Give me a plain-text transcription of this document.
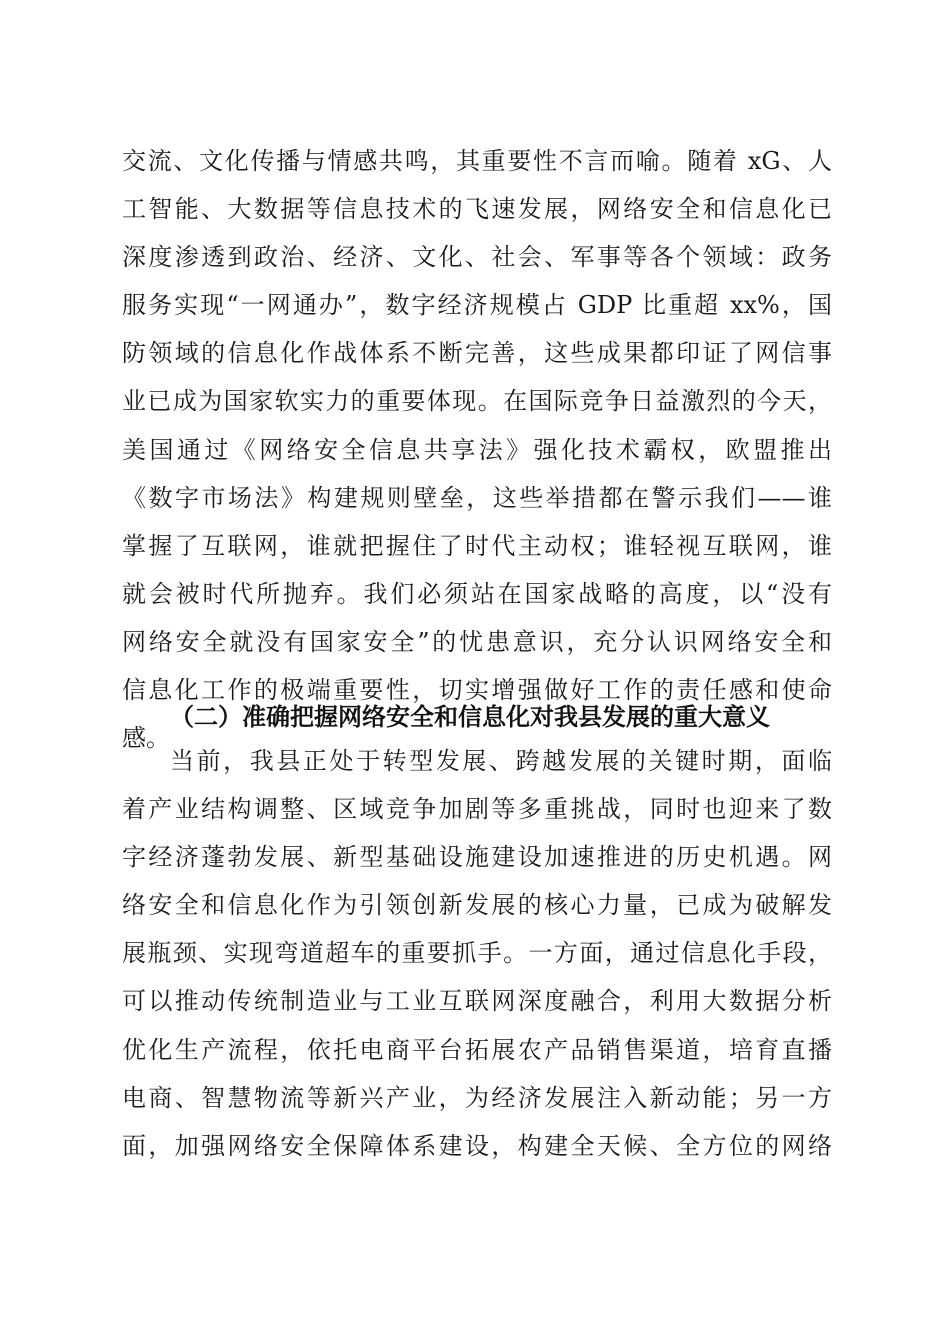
交流、文化传播与情感共鸣，其重要性不言而喻。随着 xG、人
工智能、大数据等信息技术的飞速发展，网络安全和信息化已
深度渗透到政治、经济、文化、社会、军事等各个领域：政务
服务实现“一网通办”，数字经济规模占 GDP 比重超 xx%，国
防领域的信息化作战体系不断完善，这些成果都印证了网信事
业已成为国家软实力的重要体现。在国际竞争日益激烈的今天，
美国通过《网络安全信息共享法》强化技术霸权，欧盟推出
《数字市场法》构建规则壁垒，这些举措都在警示我们——谁
掌握了互联网，谁就把握住了时代主动权；谁轻视互联网，谁
就会被时代所抛弃。我们必须站在国家战略的高度，以“没有
网络安全就没有国家安全”的忧患意识，充分认识网络安全和
信息化工作的极端重要性，切实增强做好工作的责任感和使命
感。
（二）准确把握网络安全和信息化对我县发展的重大意义
当前，我县正处于转型发展、跨越发展的关键时期，面临
着产业结构调整、区域竞争加剧等多重挑战，同时也迎来了数
字经济蓬勃发展、新型基础设施建设加速推进的历史机遇。网
络安全和信息化作为引领创新发展的核心力量，已成为破解发
展瓶颈、实现弯道超车的重要抓手。一方面，通过信息化手段，
可以推动传统制造业与工业互联网深度融合，利用大数据分析
优化生产流程，依托电商平台拓展农产品销售渠道，培育直播
电商、智慧物流等新兴产业，为经济发展注入新动能；另一方
面，加强网络安全保障体系建设，构建全天候、全方位的网络
